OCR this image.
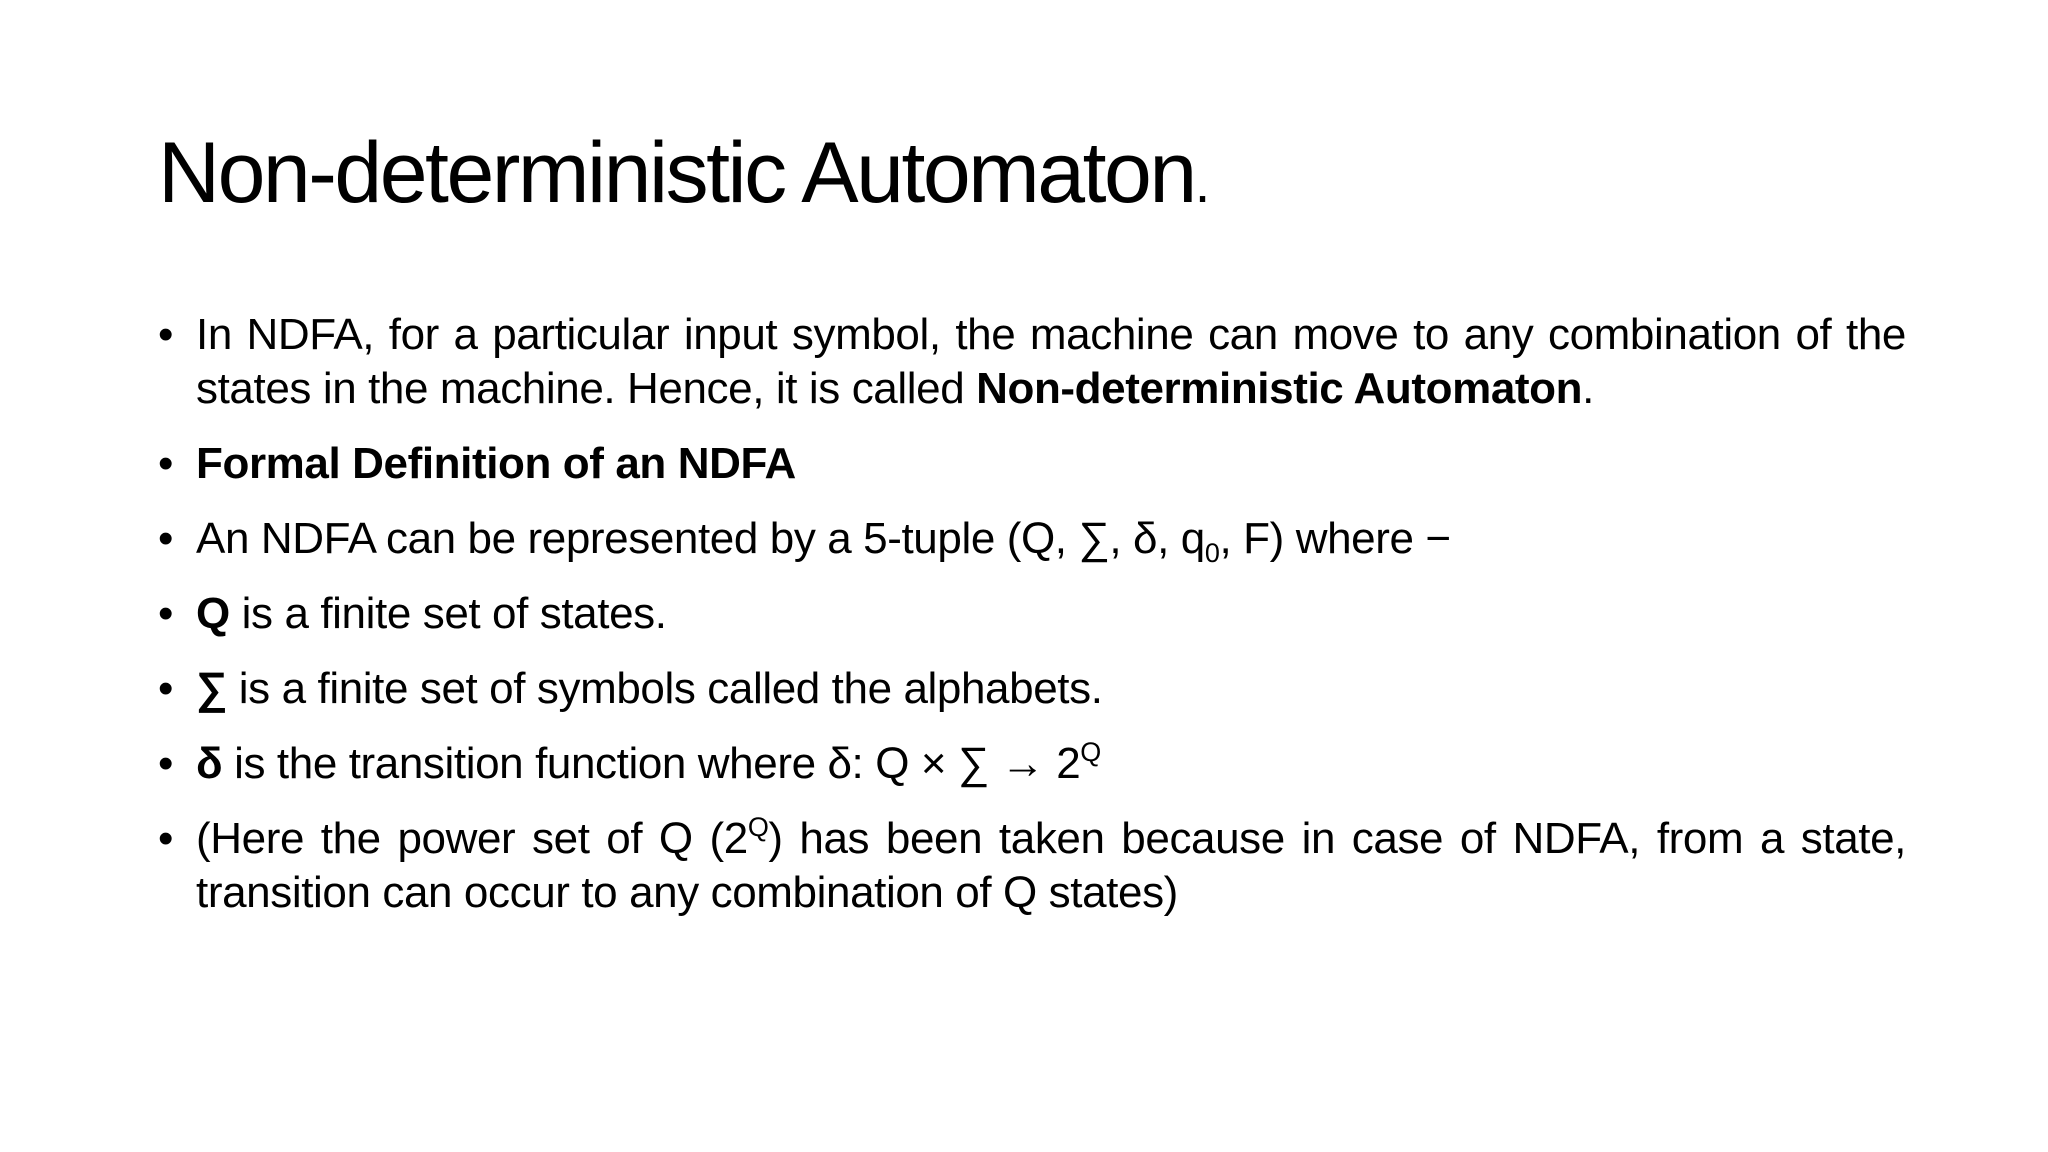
Non-deterministic Automaton.
• In NDFA, for a particular input symbol, the machine can move to any combination of the states in the machine. Hence, it is called Non-deterministic Automaton.
• Formal Definition of an NDFA
• An NDFA can be represented by a 5-tuple (Q, ∑, δ, $q_0$, F) where −
• Q is a finite set of states.
• ∑ is a finite set of symbols called the alphabets.
• δ is the transition function where δ: Q × ∑ → $2^Q$
• (Here the power set of Q $(2^Q)$ has been taken because in case of NDFA, from a state, transition can occur to any combination of Q states)
